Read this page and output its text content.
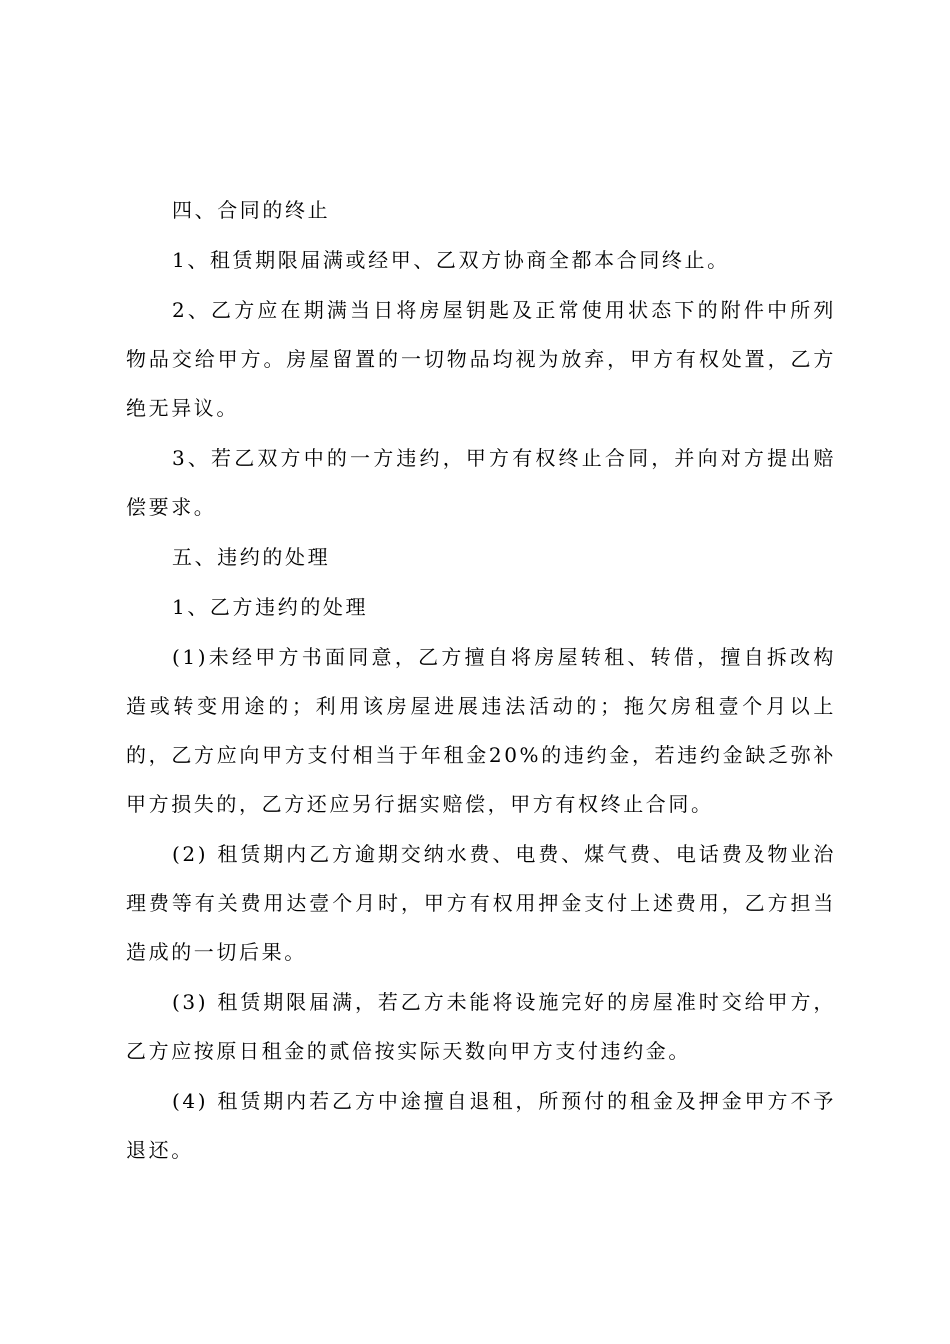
四、合同的终止

1、租赁期限届满或经甲、乙双方协商全都本合同终止。

2、乙方应在期满当日将房屋钥匙及正常使用状态下的附件中所列物品交给甲方。房屋留置的一切物品均视为放弃，甲方有权处置，乙方绝无异议。

3、若乙双方中的一方违约，甲方有权终止合同，并向对方提出赔偿要求。

五、违约的处理

1、乙方违约的处理

(1)未经甲方书面同意，乙方擅自将房屋转租、转借，擅自拆改构造或转变用途的；利用该房屋进展违法活动的；拖欠房租壹个月以上的，乙方应向甲方支付相当于年租金20%的违约金，若违约金缺乏弥补甲方损失的，乙方还应另行据实赔偿，甲方有权终止合同。

(2) 租赁期内乙方逾期交纳水费、电费、煤气费、电话费及物业治理费等有关费用达壹个月时，甲方有权用押金支付上述费用，乙方担当造成的一切后果。

(3) 租赁期限届满，若乙方未能将设施完好的房屋准时交给甲方，乙方应按原日租金的贰倍按实际天数向甲方支付违约金。

(4) 租赁期内若乙方中途擅自退租，所预付的租金及押金甲方不予退还。
